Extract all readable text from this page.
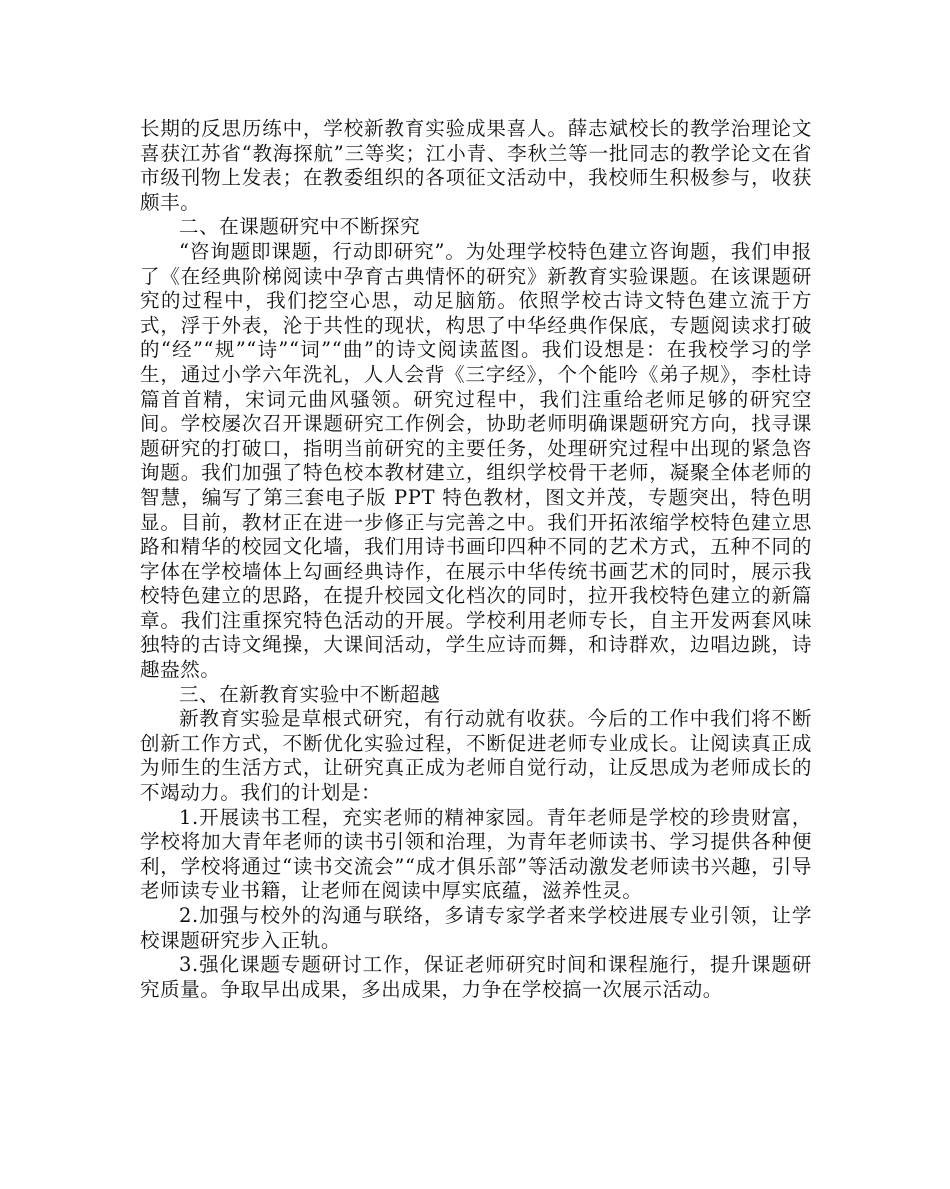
长期的反思历练中，学校新教育实验成果喜人。薛志斌校长的教学治理论文喜获江苏省“教海探航”三等奖；江小青、李秋兰等一批同志的教学论文在省市级刊物上发表；在教委组织的各项征文活动中，我校师生积极参与，收获颇丰。

二、在课题研究中不断探究

“咨询题即课题，行动即研究”。为处理学校特色建立咨询题，我们申报了《在经典阶梯阅读中孕育古典情怀的研究》新教育实验课题。在该课题研究的过程中，我们挖空心思，动足脑筋。依照学校古诗文特色建立流于方式，浮于外表，沦于共性的现状，构思了中华经典作保底，专题阅读求打破的“经”“规”“诗”“词”“曲”的诗文阅读蓝图。我们设想是：在我校学习的学生，通过小学六年洗礼，人人会背《三字经》，个个能吟《弟子规》，李杜诗篇首首精，宋词元曲风骚领。研究过程中，我们注重给老师足够的研究空间。学校屡次召开课题研究工作例会，协助老师明确课题研究方向，找寻课题研究的打破口，指明当前研究的主要任务，处理研究过程中出现的紧急咨询题。我们加强了特色校本教材建立，组织学校骨干老师，凝聚全体老师的智慧，编写了第三套电子版 PPT 特色教材，图文并茂，专题突出，特色明显。目前，教材正在进一步修正与完善之中。我们开拓浓缩学校特色建立思路和精华的校园文化墙，我们用诗书画印四种不同的艺术方式，五种不同的字体在学校墙体上勾画经典诗作，在展示中华传统书画艺术的同时，展示我校特色建立的思路，在提升校园文化档次的同时，拉开我校特色建立的新篇章。我们注重探究特色活动的开展。学校利用老师专长，自主开发两套风味独特的古诗文绳操，大课间活动，学生应诗而舞，和诗群欢，边唱边跳，诗趣盎然。

三、在新教育实验中不断超越

新教育实验是草根式研究，有行动就有收获。今后的工作中我们将不断创新工作方式，不断优化实验过程，不断促进老师专业成长。让阅读真正成为师生的生活方式，让研究真正成为老师自觉行动，让反思成为老师成长的不竭动力。我们的计划是：

1.开展读书工程，充实老师的精神家园。青年老师是学校的珍贵财富，学校将加大青年老师的读书引领和治理，为青年老师读书、学习提供各种便利，学校将通过“读书交流会”“成才俱乐部”等活动激发老师读书兴趣，引导老师读专业书籍，让老师在阅读中厚实底蕴，滋养性灵。

2.加强与校外的沟通与联络，多请专家学者来学校进展专业引领，让学校课题研究步入正轨。

3.强化课题专题研讨工作，保证老师研究时间和课程施行，提升课题研究质量。争取早出成果，多出成果，力争在学校搞一次展示活动。
